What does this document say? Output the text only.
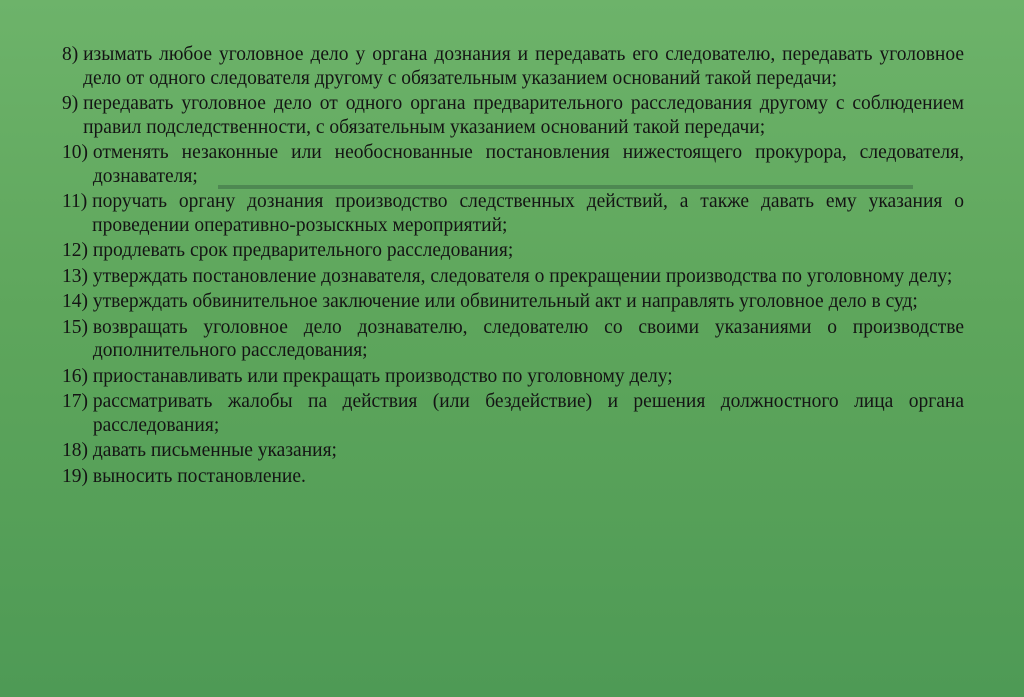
8) изымать любое уголовное дело у органа дознания и передавать его следователю, передавать уголовное дело от одного следователя другому с обязательным указанием оснований такой передачи;
9) передавать уголовное дело от одного органа предварительного расследования другому с соблюдением правил подследственности, с обязательным указанием оснований такой передачи;
10) отменять незаконные или необоснованные постановления нижестоящего прокурора, следователя, дознавателя;
11) поручать органу дознания производство следственных действий, а также давать ему указания о проведении оперативно-розыскных мероприятий;
12) продлевать срок предварительного расследования;
13) утверждать постановление дознавателя, следователя о прекращении производства по уголовному делу;
14) утверждать обвинительное заключение или обвинительный акт и направлять уголовное дело в суд;
15) возвращать уголовное дело дознавателю, следователю со своими указаниями о производстве дополнительного расследования;
16) приостанавливать или прекращать производство по уголовному делу;
17) рассматривать жалобы па действия (или бездействие) и решения должностного лица органа расследования;
18) давать письменные указания;
19) выносить постановление.
